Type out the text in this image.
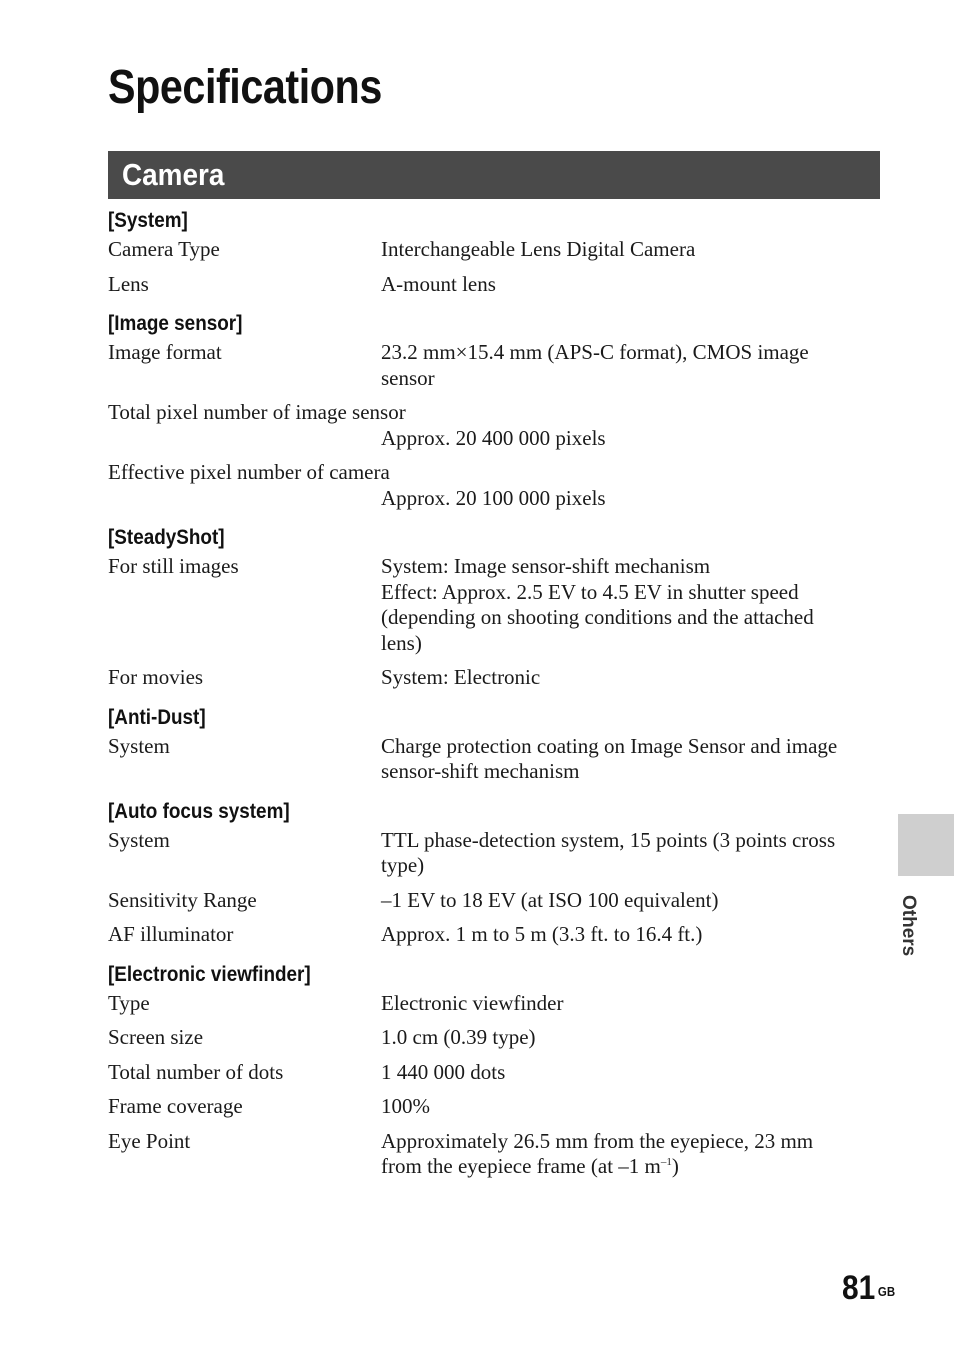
Specifications
Camera
[System]
Camera Type	Interchangeable Lens Digital Camera
Lens	A-mount lens
[Image sensor]
Image format	23.2 mm×15.4 mm (APS-C format), CMOS image
sensor
Total pixel number of image sensor
Approx. 20 400 000 pixels
Effective pixel number of camera
Approx. 20 100 000 pixels
[SteadyShot]
For still images	System: Image sensor-shift mechanism
Effect: Approx. 2.5 EV to 4.5 EV in shutter speed
(depending on shooting conditions and the attached
lens)
For movies	System: Electronic
[Anti-Dust]
System	Charge protection coating on Image Sensor and image
sensor-shift mechanism
[Auto focus system]
System	TTL phase-detection system, 15 points (3 points cross
type)
Sensitivity Range	–1 EV to 18 EV (at ISO 100 equivalent)
AF illuminator	Approx. 1 m to 5 m (3.3 ft. to 16.4 ft.)
[Electronic viewfinder]
Type	Electronic viewfinder
Screen size	1.0 cm (0.39 type)
Total number of dots	1 440 000 dots
Frame coverage	100%
Eye Point	Approximately 26.5 mm from the eyepiece, 23 mm
from the eyepiece frame (at –1 $m^{-1}$)
Others
81 $^{GB}$
